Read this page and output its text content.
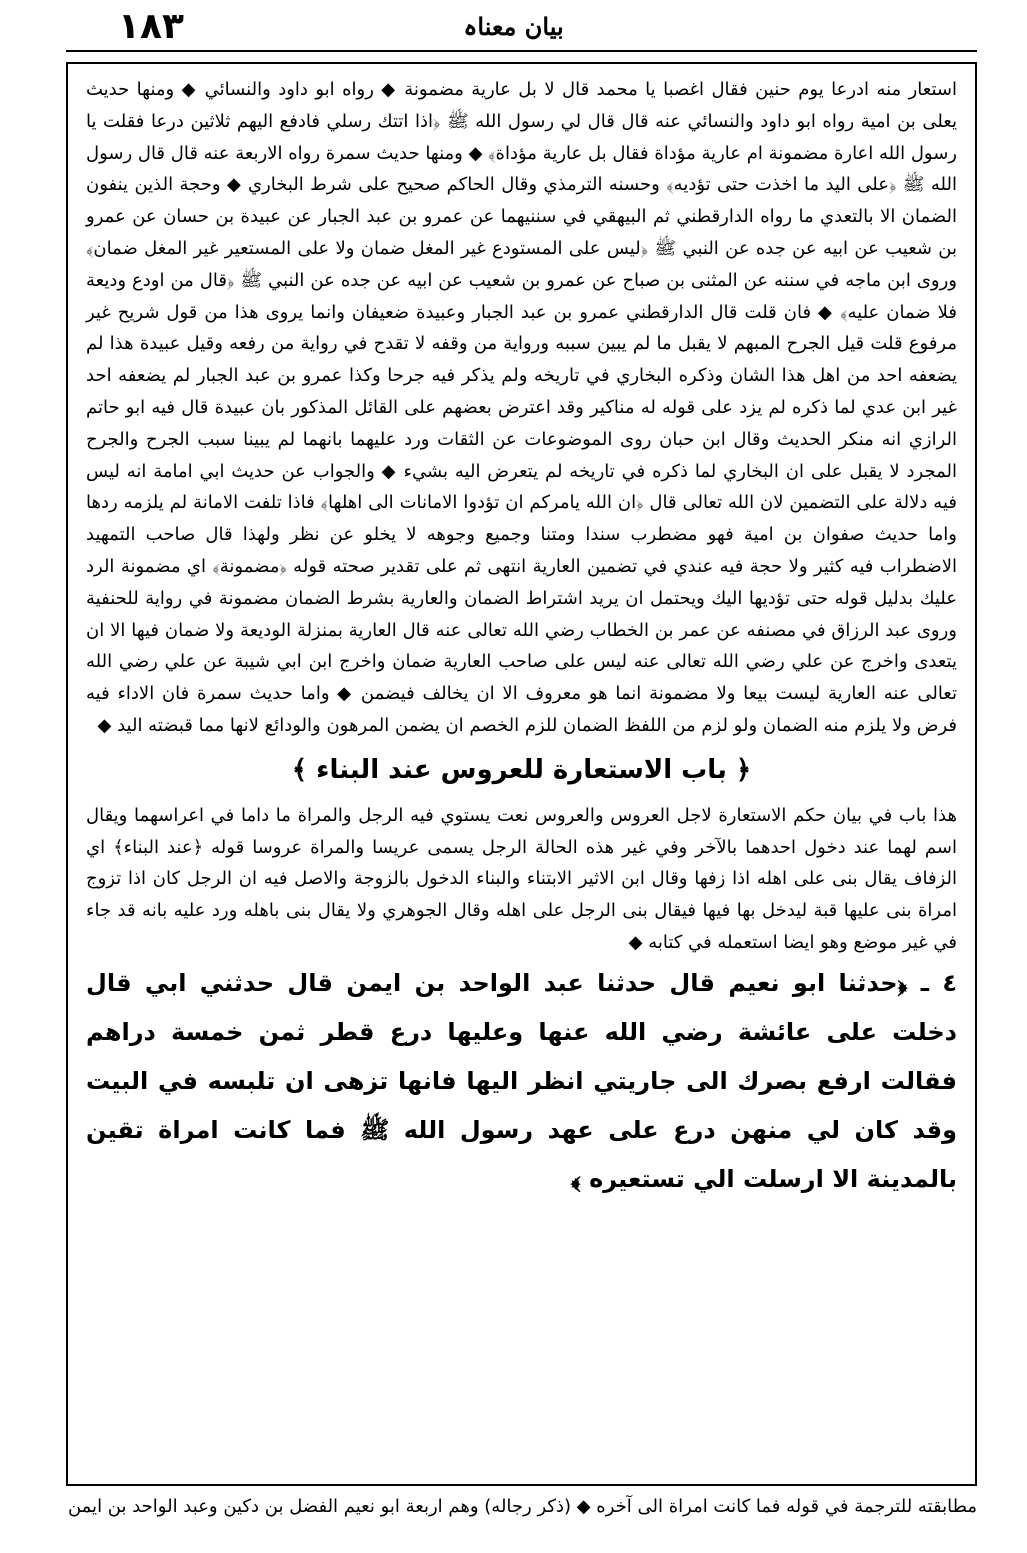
۱۸۳	بیان معناہ

استعار منه ادرعا يوم حنين فقال اغصبا يا محمد قال لا بل عارية مضمونة ◆ رواه ابو داود والنسائي ◆ ومنها حديث يعلى بن امية رواه ابو داود والنسائي عنه قال قال لي رسول الله ﷺ ﴿اذا اتتك رسلي فادفع اليهم ثلاثين درعا فقلت يا رسول الله اعارة مضمونة ام عارية مؤداة فقال بل عارية مؤداة﴾ ◆ ومنها حديث سمرة رواه الاربعة عنه قال قال رسول الله ﷺ ﴿على اليد ما اخذت حتى تؤديه﴾ وحسنه الترمذي وقال الحاكم صحيح على شرط البخاري ◆ وحجة الذين ينفون الضمان الا بالتعدي ما رواه الدارقطني ثم البيهقي في سننيهما عن عمرو بن عبد الجبار عن عبيدة بن حسان عن عمرو بن شعيب عن ابيه عن جده عن النبي ﷺ ﴿ليس على المستودع غير المغل ضمان ولا على المستعير غير المغل ضمان﴾ وروى ابن ماجه في سننه عن المثنى بن صباح عن عمرو بن شعيب عن ابيه عن جده عن النبي ﷺ ﴿قال من اودع وديعة فلا ضمان عليه﴾ ◆ فان قلت قال الدارقطني عمرو بن عبد الجبار وعبيدة ضعيفان وانما يروى هذا من قول شريح غير مرفوع قلت قيل الجرح المبهم لا يقبل ما لم يبين سببه ورواية من وقفه لا تقدح في رواية من رفعه وقيل عبيدة هذا لم يضعفه احد من اهل هذا الشان وذكره البخاري في تاريخه ولم يذكر فيه جرحا وكذا عمرو بن عبد الجبار لم يضعفه احد غير ابن عدي لما ذكره لم يزد على قوله له مناكير وقد اعترض بعضهم على القائل المذكور بان عبيدة قال فيه ابو حاتم الرازي انه منكر الحديث وقال ابن حبان روى الموضوعات عن الثقات ورد عليهما بانهما لم يبينا سبب الجرح والجرح المجرد لا يقبل على ان البخاري لما ذكره في تاريخه لم يتعرض اليه بشيء ◆ والجواب عن حديث ابي امامة انه ليس فيه دلالة على التضمين لان الله تعالى قال ﴿ان الله يامركم ان تؤدوا الامانات الى اهلها﴾ فاذا تلفت الامانة لم يلزمه ردها واما حديث صفوان بن امية فهو مضطرب سندا ومتنا وجميع وجوهه لا يخلو عن نظر ولهذا قال صاحب التمهيد الاضطراب فيه كثير ولا حجة فيه عندي في تضمين العارية انتهى ثم على تقدير صحته قوله ﴿مضمونة﴾ اي مضمونة الرد عليك بدليل قوله حتى تؤديها اليك ويحتمل ان يريد اشتراط الضمان والعارية بشرط الضمان مضمونة في رواية للحنفية وروى عبد الرزاق في مصنفه عن عمر بن الخطاب رضي الله تعالى عنه قال العارية بمنزلة الوديعة ولا ضمان فيها الا ان يتعدى واخرج عن علي رضي الله تعالى عنه ليس على صاحب العارية ضمان واخرج ابن ابي شيبة عن علي رضي الله تعالى عنه العارية ليست بيعا ولا مضمونة انما هو معروف الا ان يخالف فيضمن ◆ واما حديث سمرة فان الاداء فيه فرض ولا يلزم منه الضمان ولو لزم من اللفظ الضمان للزم الخصم ان يضمن المرهون والودائع لانها مما قبضته اليد ◆

﴿ باب الاستعارة للعروس عند البناء ﴾

هذا باب في بيان حكم الاستعارة لاجل العروس والعروس نعت يستوي فيه الرجل والمراة ما داما في اعراسهما ويقال اسم لهما عند دخول احدهما بالآخر وفي غير هذه الحالة الرجل يسمى عريسا والمراة عروسا قوله ﴿عند البناء﴾ اي الزفاف يقال بنى على اهله اذا زفها وقال ابن الاثير الابتناء والبناء الدخول بالزوجة والاصل فيه ان الرجل كان اذا تزوج امراة بنى عليها قبة ليدخل بها فيها فيقال بنى الرجل على اهله وقال الجوهري ولا يقال بنى باهله ورد عليه بانه قد جاء في غير موضع وهو ايضا استعمله في كتابه ◆

٤ ـ ﴿حدثنا ابو نعيم قال حدثنا عبد الواحد بن ايمن قال حدثني ابي قال دخلت على عائشة رضي الله عنها وعليها درع قطر ثمن خمسة دراهم فقالت ارفع بصرك الى جاريتي انظر اليها فانها تزهى ان تلبسه في البيت وقد كان لي منهن درع على عهد رسول الله ﷺ فما كانت امراة تقين بالمدينة الا ارسلت الي تستعيره ﴾

مطابقته للترجمة في قوله فما كانت امراة الى آخره ◆ (ذكر رجاله) وهم اربعة ابو نعيم الفضل بن دكين وعبد الواحد بن ايمن
